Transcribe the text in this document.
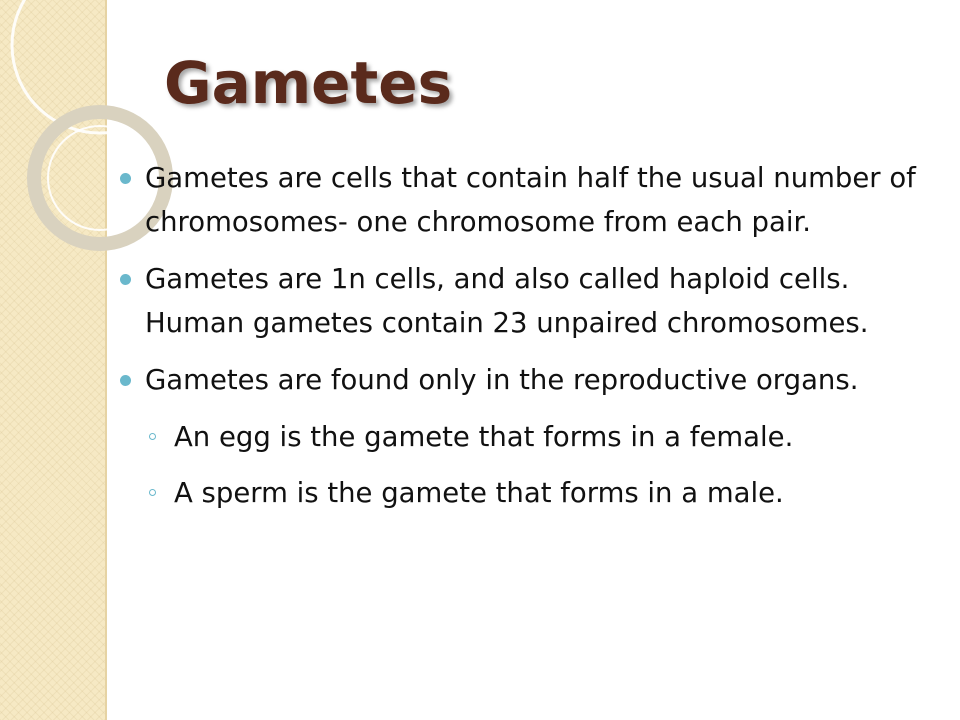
Gametes
Gametes are cells that contain half the usual number of chromosomes- one chromosome from each pair.
Gametes are 1n cells, and also called haploid cells. Human gametes contain 23 unpaired chromosomes.
Gametes are found only in the reproductive organs.
An egg is the gamete that forms in a female.
A sperm is the gamete that forms in a male.
